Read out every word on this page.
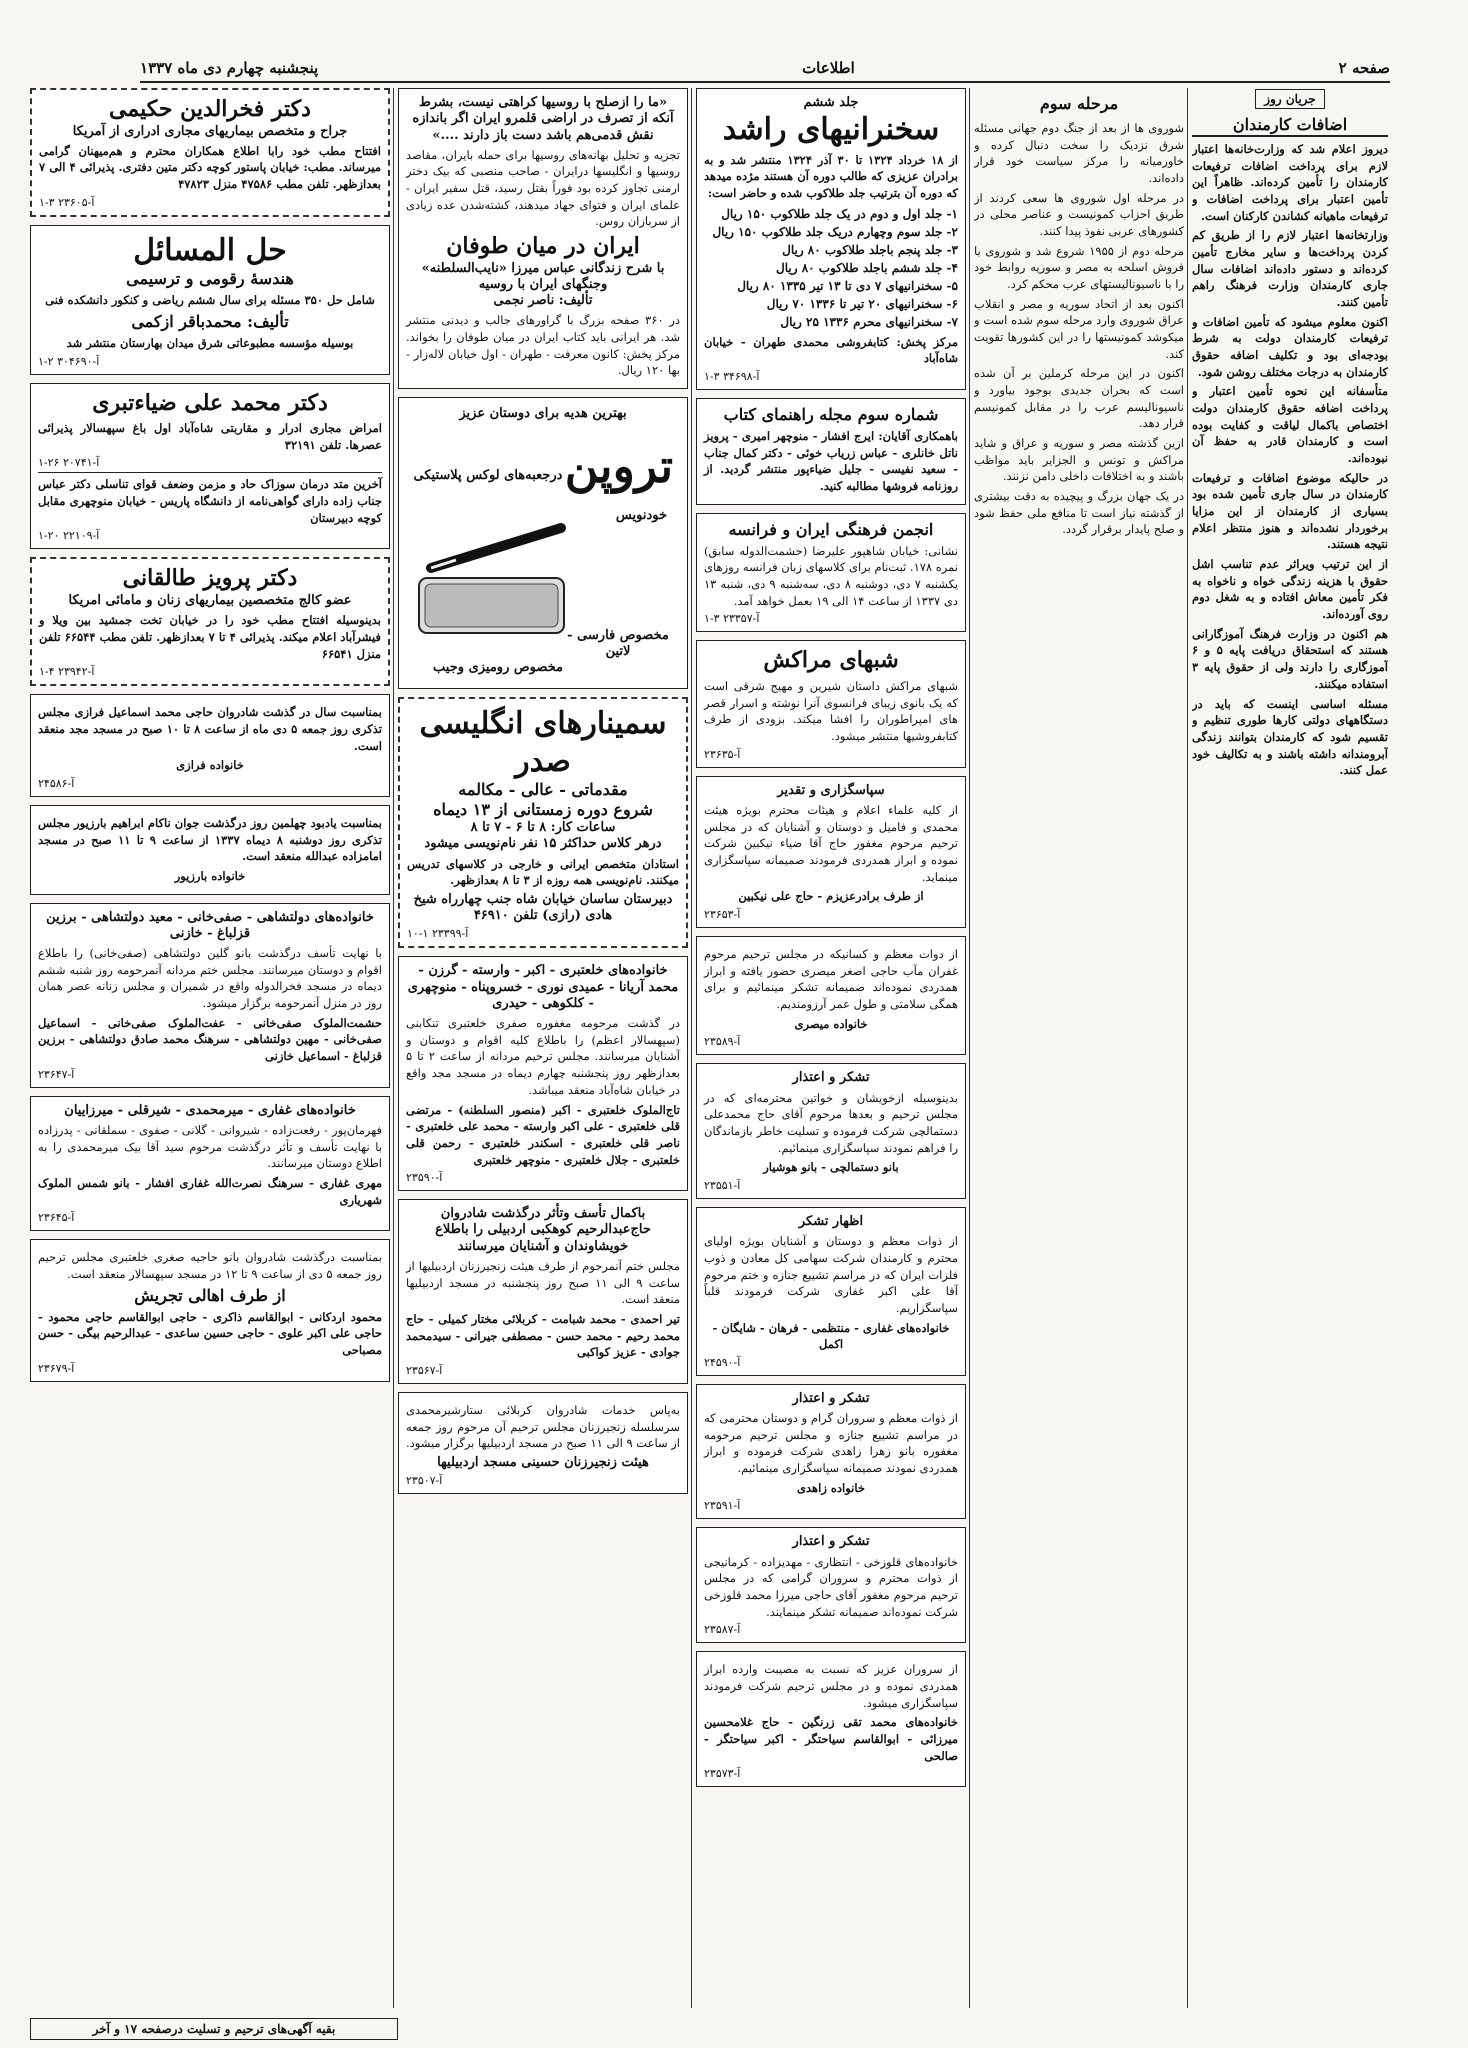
صفحه ۲
اطلاعات
پنجشنبه چهارم دی ماه ۱۳۳۷
جریان روز
اضافات کارمندان

دیروز اعلام شد که وزارت‌خانه‌ها اعتبار لازم برای پرداخت اضافات ترفیعات کارمندان را تأمین کرده‌اند. ظاهراً این تأمین اعتبار برای پرداخت اضافات و ترفیعات ماهیانه کشاندن کارکنان است.

وزارتخانه‌ها اعتبار لازم را از طریق کم کردن پرداخت‌ها و سایر مخارج تأمین کرده‌اند و دستور داده‌اند اضافات سال جاری کارمندان وزارت فرهنگ راهم تأمین کنند.

اکنون معلوم میشود که تأمین اضافات و ترفیعات کارمندان دولت به شرط بودجه‌ای بود و تکلیف اضافه حقوق کارمندان به درجات مختلف روشن شود.

متأسفانه این نحوه تأمین اعتبار و پرداخت اضافه حقوق کارمندان دولت اختصاص باکمال لیاقت و کفایت بوده است و کارمندان قادر به حفظ آن نبوده‌اند.

در حالیکه موضوع اضافات و ترفیعات کارمندان در سال جاری تأمین شده بود بسیاری از کارمندان از این مزایا برخوردار نشده‌اند و هنوز منتظر اعلام نتیجه هستند.

از این ترتیب ویراثر عدم تناسب اشل حقوق با هزینه زندگی خواه و ناخواه به فکر تأمین معاش افتاده و به شغل دوم روی آورده‌اند.

هم اکنون در وزارت فرهنگ آموزگارانی هستند که استحقاق دریافت پایه ۵ و ۶ آموزگاری را دارند ولی از حقوق پایه ۳ استفاده میکنند.

مسئله اساسی اینست که باید در دستگاههای دولتی کارها طوری تنظیم و تقسیم شود که کارمندان بتوانند زندگی آبرومندانه داشته باشند و به تکالیف خود عمل کنند.

مرحله سوم

شوروی ها از بعد از جنگ دوم جهانی مسئله شرق نزدیک را سخت دنبال کرده و خاورمیانه را مرکز سیاست خود قرار داده‌اند.

در مرحله اول شوروی ها سعی کردند از طریق احزاب کمونیست و عناصر محلی در کشورهای عربی نفوذ پیدا کنند.

مرحله دوم از ۱۹۵۵ شروع شد و شوروی با فروش اسلحه به مصر و سوریه روابط خود را با ناسیونالیستهای عرب محکم کرد.

اکنون بعد از اتحاد سوریه و مصر و انقلاب عراق شوروی وارد مرحله سوم شده است و میکوشد کمونیستها را در این کشورها تقویت کند.

اکنون در این مرحله کرملین بر آن شده است که بحران جدیدی بوجود بیاورد و ناسیونالیسم عرب را در مقابل کمونیسم قرار دهد.

ازین گذشته مصر و سوریه و عراق و شاید مراکش و تونس و الجزایر باید مواظب باشند و به اختلافات داخلی دامن نزنند.

در یک جهان بزرگ و پیچیده به دقت بیشتری از گذشته نیاز است تا منافع ملی حفظ شود و صلح پایدار برقرار گردد.

جلد ششم
سخنرانیهای راشد

از ۱۸ خرداد ۱۳۲۴ تا ۳۰ آذر ۱۳۲۴ منتشر شد و به برادران عزیزی که طالب دوره آن هستند مژده میدهد که دوره آن بترتیب جلد طلاکوب شده و حاضر است:

۱- جلد اول و دوم در یک جلد طلاکوب ۱۵۰ ریال
۲- جلد سوم وچهارم دریک جلد طلاکوب ۱۵۰ ریال
۳- جلد پنجم باجلد طلاکوب ۸۰ ریال
۴- جلد ششم باجلد طلاکوب ۸۰ ریال
۵- سخنرانیهای ۷ دی تا ۱۳ تیر ۱۳۳۵ ۸۰ ریال
۶- سخنرانیهای ۲۰ تیر تا ۱۳۳۶ ۷۰ ریال
۷- سخنرانیهای محرم ۱۳۳۶ ۲۵ ریال

مرکز پخش: کتابفروشی محمدی طهران - خیابان شاه‌آباد

آ-۳۴۶۹۸ ۳-۱
شماره سوم مجله راهنمای کتاب

باهمکاری آقایان: ایرج افشار - منوچهر امیری - پرویز ناتل خانلری - عباس زریاب خوئی - دکتر کمال جناب - سعید نفیسی - جلیل ضیاءپور منتشر گردید. از روزنامه فروشها مطالبه کنید.

انجمن فرهنگی ایران و فرانسه

نشانی: خیابان شاهپور علیرضا (حشمت‌الدوله سابق) نمره ۱۷۸. ثبت‌نام برای کلاسهای زبان فرانسه روزهای یکشنبه ۷ دی، دوشنبه ۸ دی، سه‌شنبه ۹ دی، شنبه ۱۳ دی ۱۳۳۷ از ساعت ۱۴ الی ۱۹ بعمل خواهد آمد.

آ-۲۳۳۵۷ ۳-۱
شبهای مراکش

شبهای مراکش داستان شیرین و مهیج شرقی است که یک بانوی زیبای فرانسوی آنرا نوشته و اسرار قصر های امپراطوران را افشا میکند. بزودی از طرف کتابفروشیها منتشر میشود.

آ-۲۳۶۳۵
سپاسگزاری و تقدیر

از کلیه علماء اعلام و هیئات محترم بویژه هیئت محمدی و فامیل و دوستان و آشنایان که در مجلس ترحیم مرحوم مغفور حاج آقا ضیاء نیکبین شرکت نموده و ابراز همدردی فرمودند صمیمانه سپاسگزاری مینماید.

از طرف برادرعزیزم - حاج علی نیکبین

آ-۲۳۶۵۳

از دوات معظم و کسانیکه در مجلس ترحیم مرحوم غفران مآب حاجی اصغر میصری حضور یافته و ابراز همدردی نموده‌اند صمیمانه تشکر مینمائیم و برای همگی سلامتی و طول عمر آرزومندیم.

خانواده میصری

آ-۲۳۵۸۹
تشکر و اعتذار

بدینوسیله ازخویشان و خواتین محترمه‌ای که در مجلس ترحیم و بعدها مرحوم آقای حاج محمدعلی دستمالچی شرکت فرموده و تسلیت خاطر بازماندگان را فراهم نمودند سپاسگزاری مینمائیم.

بانو دستمالچی - بانو هوشیار

آ-۲۳۵۵۱
اظهار تشکر

از ذوات معظم و دوستان و آشنایان بویژه اولیای محترم و کارمندان شرکت سهامی کل معادن و ذوب فلزات ایران که در مراسم تشییع جنازه و ختم مرحوم آقا علی اکبر غفاری شرکت فرمودند قلباً سپاسگزاریم.

خانواده‌های غفاری - منتظمی - فرهان - شایگان - اکمل

آ-۲۴۵۹۰
تشکر و اعتذار

از ذوات معظم و سروران گرام و دوستان محترمی که در مراسم تشییع جنازه و مجلس ترحیم مرحومه مغفوره بانو زهرا زاهدی شرکت فرموده و ابراز همدردی نمودند صمیمانه سپاسگزاری مینمائیم.

خانواده زاهدی

آ-۲۳۵۹۱
تشکر و اعتذار

خانواده‌های قلوزخی - انتظاری - مهدیزاده - کرمانیجی از ذوات محترم و سروران گرامی که در مجلس ترحیم مرحوم مغفور آقای حاجی میرزا محمد قلوزخی شرکت نموده‌اند صمیمانه تشکر مینمایند.

آ-۲۳۵۸۷

از سروران عزیز که نسبت به مصیبت وارده ابراز همدردی نموده و در مجلس ترحیم شرکت فرمودند سپاسگزاری میشود.

خانواده‌های محمد تقی زرنگین - حاج غلامحسین میرزائی - ابوالقاسم سیاحتگر - اکبر سیاحتگر - صالحی

آ-۲۳۵۷۳
«ما را ازصلح با روسیها کراهتی نیست، بشرط آنکه از تصرف در اراضی قلمرو ایران اگر باندازه نقش قدمی‌هم باشد دست باز دارند ....»

تجزیه و تحلیل بهانه‌های روسیها برای حمله بایران، مقاصد روسیها و انگلیسها درایران - صاحب منصبی که بیک دختر ارمنی تجاوز کرده بود فوراً بقتل رسید، قتل سفیر ایران - علمای ایران و فتوای جهاد میدهند، کشته‌شدن عده زیادی از سربازان روس.

ایران در میان طوفان
با شرح زندگانی عباس میرزا «نایب‌السلطنه» وجنگهای ایران با روسیه
تألیف: ناصر نجمی

در ۳۶۰ صفحه بزرگ با گراورهای جالب و دیدنی منتشر شد. هر ایرانی باید کتاب ایران در میان طوفان را بخواند. مرکز پخش: کانون معرفت - طهران - اول خیابان لاله‌زار - بها ۱۲۰ ریال.

بهترین هدیه برای دوستان عزیز
تروپن
خودنویس
مخصوص فارسی - لاتین
درجعبه‌های لوکس پلاستیکی
مخصوص رومیزی وجیب
سمینارهای انگلیسی صدر
مقدماتی - عالی - مکالمه
شروع دوره زمستانی از ۱۳ دیماه
ساعات کار: ۸ تا ۶ - ۷ تا ۸
درهر کلاس حداکثر ۱۵ نفر نام‌نویسی میشود

استادان متخصص ایرانی و خارجی در کلاسهای تدریس میکنند. نام‌نویسی همه روزه از ۳ تا ۸ بعدازظهر.

دبیرستان ساسان خیابان شاه جنب چهارراه شیخ هادی (رازی) تلفن ۴۶۹۱۰
آ-۲۳۳۹۹ ۱-۱۰
خانواده‌های خلعتبری - اکبر - وارسته - گرزن - محمد آریانا - عمیدی نوری - خسروپناه - منوچهری - کلکوهی - حیدری

در گذشت مرحومه مغفوره صفری خلعتبری تنکابنی (سپهسالار اعظم) را باطلاع کلیه اقوام و دوستان و آشنایان میرسانند. مجلس ترحیم مردانه از ساعت ۲ تا ۵ بعدازظهر روز پنجشنبه چهارم دیماه در مسجد مجد واقع در خیابان شاه‌آباد منعقد میباشد.

تاج‌الملوک خلعتبری - اکبر (منصور السلطنه) - مرتضی قلی خلعتبری - علی اکبر وارسته - محمد علی خلعتبری - ناصر قلی خلعتبری - اسکندر خلعتبری - رحمن قلی خلعتبری - جلال خلعتبری - منوچهر خلعتبری

آ-۲۳۵۹۰
باکمال تأسف وتأثر درگذشت شادروان حاج‌عبدالرحیم کوهکبی اردبیلی را باطلاع خویشاوندان و آشنایان میرسانند

مجلس ختم آنمرحوم از طرف هیئت زنجیرزنان اردبیلیها از ساعت ۹ الی ۱۱ صبح روز پنجشنبه در مسجد اردبیلیها منعقد است.

تیر احمدی - محمد شبامت - کربلائی مختار کمیلی - حاج محمد رحیم - محمد حسن - مصطفی جیرانی - سیدمحمد جوادی - عزیز کواکبی

آ-۲۳۵۶۷

به‌پاس خدمات شادروان کربلائی ستارشیرمحمدی سرسلسله زنجیرزنان مجلس ترحیم آن مرحوم روز جمعه از ساعت ۹ الی ۱۱ صبح در مسجد اردبیلیها برگزار میشود.

هیئت زنجیرزنان حسینی مسجد اردبیلیها
آ-۲۳۵۰۷
دکتر فخرالدین حکیمی
جراح و متخصص بیماریهای مجاری ادراری از آمریکا

افتتاح مطب خود رابا اطلاع همکاران محترم و هم‌میهنان گرامی میرساند. مطب: خیابان پاستور کوچه دکتر متین دفتری. پذیرائی ۴ الی ۷ بعدازظهر. تلفن مطب ۴۷۵۸۶ منزل ۴۷۸۲۳

آ-۲۳۶۰۵ ۳-۱
حل المسائل
هندسهٔ رقومی و ترسیمی

شامل حل ۳۵۰ مسئله برای سال ششم ریاضی و کنکور دانشکده فنی

تألیف: محمدباقر ازکمی

بوسیله مؤسسه مطبوعاتی شرق میدان بهارستان منتشر شد

آ-۳۰۴۶۹۰ ۲-۱
دکتر محمد علی ضیاءتبری

امراض مجاری ادرار و مقاربتی شاه‌آباد اول باغ سپهسالار پذیرائی عصرها. تلفن ۳۲۱۹۱

آ-۲۰۷۴۱ ۲۶-۱

آخرین متد درمان سوزاک حاد و مزمن وضعف قوای تناسلی دکتر عباس جناب زاده دارای گواهی‌نامه از دانشگاه پاریس - خیابان منوچهری مقابل کوچه دبیرستان

آ-۲۲۱۰۹ ۲۰-۱
دکتر پرویز طالقانی
عضو کالج متخصصین بیماریهای زنان و مامائی امریکا

بدینوسیله افتتاح مطب خود را در خیابان تخت جمشید بین ویلا و فیشرآباد اعلام میکند. پذیرائی ۴ تا ۷ بعدازظهر. تلفن مطب ۶۶۵۴۴ تلفن منزل ۶۶۵۴۱

آ-۲۳۹۴۲ ۴-۱

بمناسبت سال در گذشت شادروان حاجی محمد اسماعیل فرازی مجلس تذکری روز جمعه ۵ دی ماه از ساعت ۸ تا ۱۰ صبح در مسجد مجد منعقد است.

خانواده فرازی

آ-۲۴۵۸۶

بمناسبت یادبود چهلمین روز درگذشت جوان ناکام ابراهیم بارزیور مجلس تذکری روز دوشنبه ۸ دیماه ۱۳۳۷ از ساعت ۹ تا ۱۱ صبح در مسجد امامزاده عبدالله منعقد است.

خانواده بارزیور

خانواده‌های دولتشاهی - صفی‌خانی - معید دولتشاهی - برزین قزلباغ - خازنی

با نهایت تأسف درگذشت بانو گلین دولتشاهی (صفی‌خانی) را باطلاع اقوام و دوستان میرسانند. مجلس ختم مردانه آنمرحومه روز شنبه ششم دیماه در مسجد فخرالدوله واقع در شمیران و مجلس زنانه عصر همان روز در منزل آنمرحومه برگزار میشود.

حشمت‌الملوک صفی‌خانی - عفت‌الملوک صفی‌خانی - اسماعیل صفی‌خانی - مهین دولتشاهی - سرهنگ محمد صادق دولتشاهی - برزین قزلباغ - اسماعیل خازنی

آ-۲۳۶۴۷
خانواده‌های غفاری - میرمحمدی - شیرقلی - میرزاییان

فهرمان‌پور - رفعت‌زاده - شیروانی - گلانی - صفوی - سملقانی - پدرزاده با نهایت تأسف و تأثر درگذشت مرحوم سید آقا بیک میرمحمدی را به اطلاع دوستان میرسانند.

مهری غفاری - سرهنگ نصرت‌الله غفاری افشار - بانو شمس الملوک شهریاری

آ-۲۳۶۴۵

بمناسبت درگذشت شادروان بانو حاجیه صغری خلعتبری مجلس ترحیم روز جمعه ۵ دی از ساعت ۹ تا ۱۲ در مسجد سپهسالار منعقد است.

از طرف اهالی تجریش

محمود اردکانی - ابوالقاسم ذاکری - حاجی ابوالقاسم حاجی محمود - حاجی علی اکبر علوی - حاجی حسین ساعدی - عبدالرحیم بیگی - حسن مصباحی

آ-۲۳۶۷۹
بقیه آگهی‌های ترحیم و تسلیت درصفحه ۱۷ و آخر
